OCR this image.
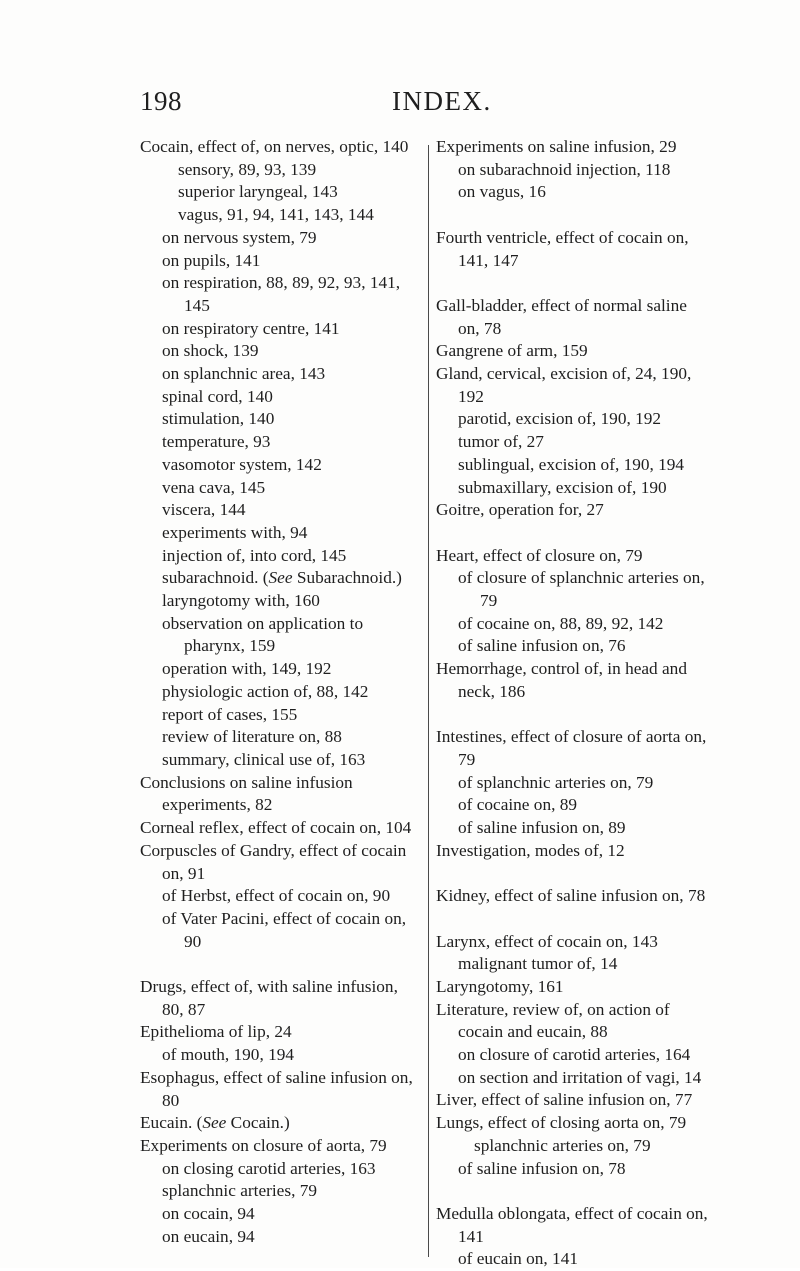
198	INDEX.

Cocain, effect of, on nerves, optic, 140

sensory, 89, 93, 139

superior laryngeal, 143

vagus, 91, 94, 141, 143, 144

on nervous system, 79

on pupils, 141

on respiration, 88, 89, 92, 93, 141, 145

on respiratory centre, 141

on shock, 139

on splanchnic area, 143

spinal cord, 140

stimulation, 140

temperature, 93

vasomotor system, 142

vena cava, 145

viscera, 144

experiments with, 94

injection of, into cord, 145

subarachnoid. (See Subarachnoid.)

laryngotomy with, 160

observation on application to pharynx, 159

operation with, 149, 192

physiologic action of, 88, 142

report of cases, 155

review of literature on, 88

summary, clinical use of, 163

Conclusions on saline infusion experiments, 82

Corneal reflex, effect of cocain on, 104

Corpuscles of Gandry, effect of cocain on, 91

of Herbst, effect of cocain on, 90

of Vater Pacini, effect of cocain on, 90

Drugs, effect of, with saline infusion, 80, 87

Epithelioma of lip, 24

of mouth, 190, 194

Esophagus, effect of saline infusion on, 80

Eucain. (See Cocain.)

Experiments on closure of aorta, 79

on closing carotid arteries, 163

splanchnic arteries, 79

on cocain, 94

on eucain, 94

Experiments on saline infusion, 29

on subarachnoid injection, 118

on vagus, 16

Fourth ventricle, effect of cocain on, 141, 147

Gall-bladder, effect of normal saline on, 78

Gangrene of arm, 159

Gland, cervical, excision of, 24, 190, 192

parotid, excision of, 190, 192

tumor of, 27

sublingual, excision of, 190, 194

submaxillary, excision of, 190

Goitre, operation for, 27

Heart, effect of closure on, 79

of closure of splanchnic arteries on, 79

of cocaine on, 88, 89, 92, 142

of saline infusion on, 76

Hemorrhage, control of, in head and neck, 186

Intestines, effect of closure of aorta on, 79

of splanchnic arteries on, 79

of cocaine on, 89

of saline infusion on, 89

Investigation, modes of, 12

Kidney, effect of saline infusion on, 78

Larynx, effect of cocain on, 143

malignant tumor of, 14

Laryngotomy, 161

Literature, review of, on action of cocain and eucain, 88

on closure of carotid arteries, 164

on section and irritation of vagi, 14

Liver, effect of saline infusion on, 77

Lungs, effect of closing aorta on, 79

splanchnic arteries on, 79

of saline infusion on, 78

Medulla oblongata, effect of cocain on, 141

of eucain on, 141
